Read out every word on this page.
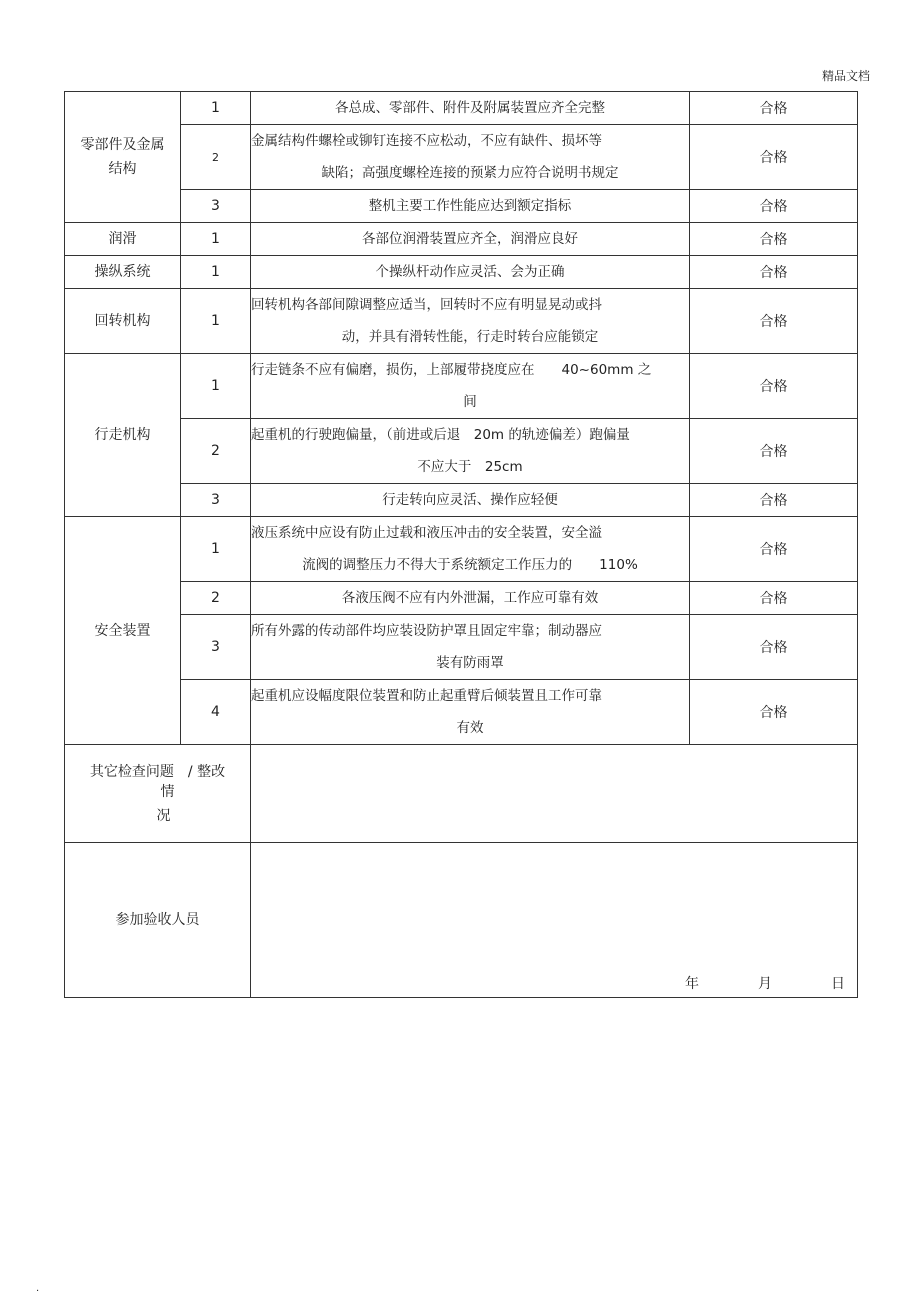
精品文档
零部件及金属
结构	1	各总成、零部件、附件及附属装置应齐全完整	合格
	2	金属结构件螺栓或铆钉连接不应松动，不应有缺件、损坏等
缺陷；高强度螺栓连接的预紧力应符合说明书规定	合格
	3	整机主要工作性能应达到额定指标	合格
润滑	1	各部位润滑装置应齐全，润滑应良好	合格
操纵系统	1	个操纵杆动作应灵活、会为正确	合格
回转机构	1	回转机构各部间隙调整应适当，回转时不应有明显晃动或抖
动，并具有滑转性能，行走时转台应能锁定	合格
行走机构	1	行走链条不应有偏磨，损伤，上部履带挠度应在　　40~60mm 之
间	合格
	2	起重机的行驶跑偏量，（前进或后退　20m 的轨迹偏差）跑偏量
不应大于　25cm	合格
	3	行走转向应灵活、操作应轻便	合格
安全装置	1	液压系统中应设有防止过载和液压冲击的安全装置，安全溢
流阀的调整压力不得大于系统额定工作压力的　　110%	合格
	2	各液压阀不应有内外泄漏，工作应可靠有效	合格
	3	所有外露的传动部件均应装设防护罩且固定牢靠；制动器应
装有防雨罩	合格
	4	起重机应设幅度限位装置和防止起重臂后倾装置且工作可靠
有效	合格

其它检查问题　/ 整改
情
况			

参加验收人员		年 月 日	
.
